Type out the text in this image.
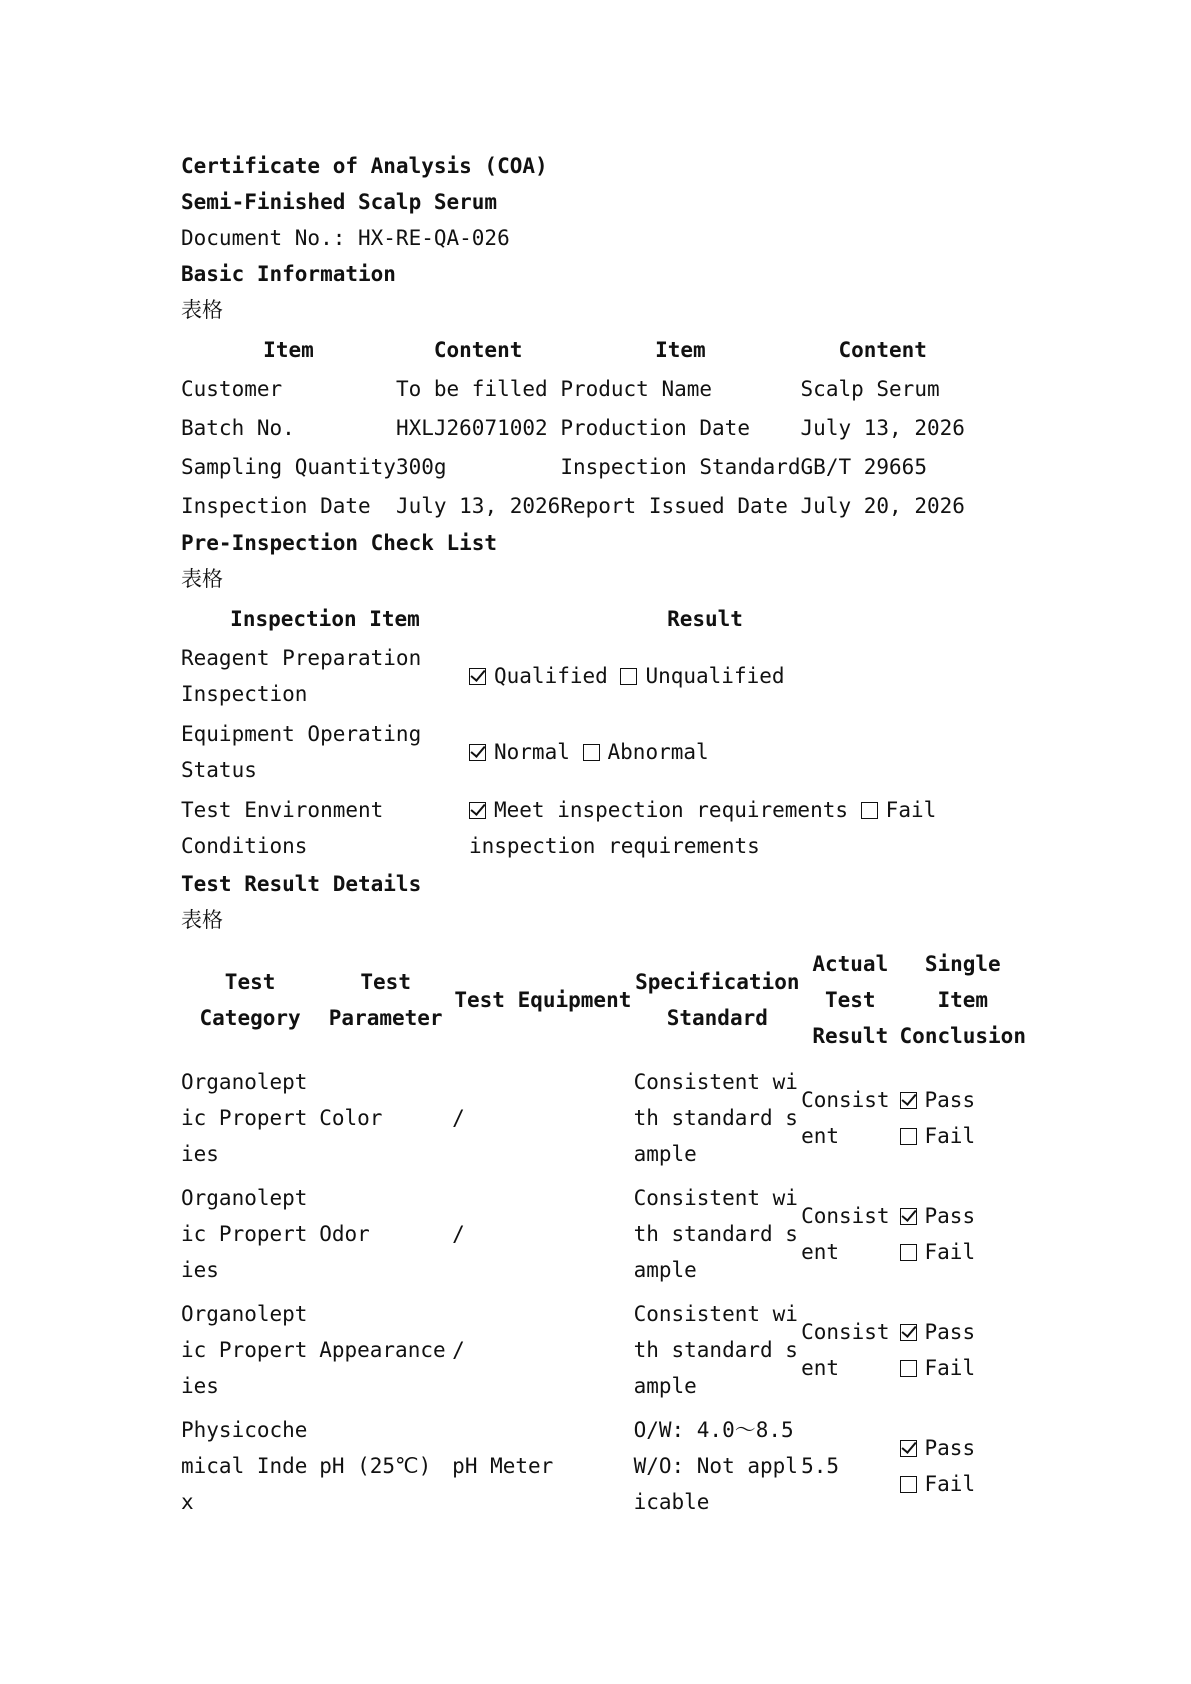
Certificate of Analysis (COA)
Semi-Finished Scalp Serum
Document No.: HX-RE-QA-026
Basic Information
表格
Item	Content	Item	Content
Customer	To be filled	Product Name	Scalp Serum
Batch No.	HXLJ26071002	Production Date	July 13, 2026
Sampling Quantity	300g	Inspection Standard	GB/T 29665
Inspection Date	July 13, 2026	Report Issued Date	July 20, 2026
Pre-Inspection Check List
表格
Inspection Item	Result
Reagent Preparation Inspection	Qualified Unqualified
Equipment Operating Status	Normal Abnormal
Test Environment Conditions	Meet inspection requirements Fail inspection requirements
Test Result Details
表格
Test Category	Test Parameter	Test Equipment	Specification Standard	Actual Test Result	Single Item Conclusion
Organoleptic Properties	Color	/	Consistent with standard sample	Consistent	Pass
Fail

Organoleptic Properties	Odor	/	Consistent with standard sample	Consistent	Pass
Fail

Organoleptic Properties	Appearance	/	Consistent with standard sample	Consistent	Pass
Fail

Physicochemical Index	pH (25℃)	pH Meter	O/W: 4.0～8.5W/O: Not applicable	5.5	Pass
Fail
